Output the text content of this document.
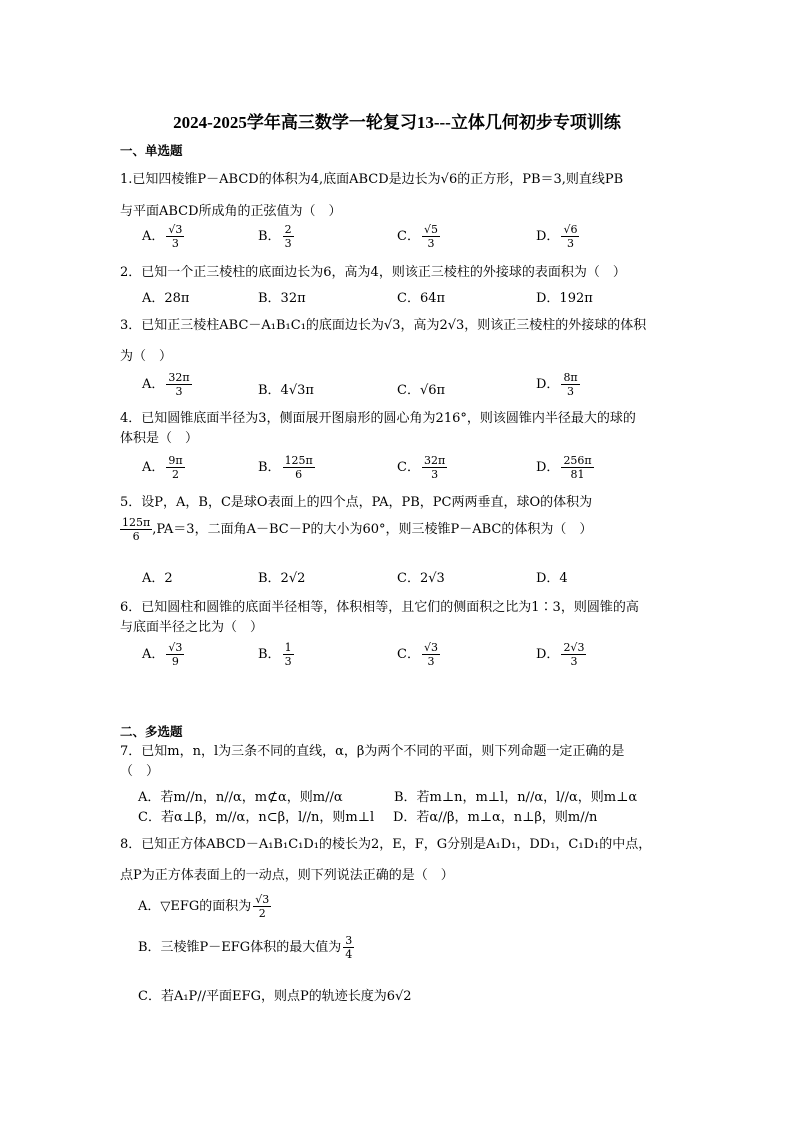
2024-2025学年高三数学一轮复习13---立体几何初步专项训练
一、单选题
1.已知四棱锥P－ABCD的体积为4,底面ABCD是边长为√6的正方形，PB＝3,则直线PB
与平面ABCD所成角的正弦值为（　）
A． $\frac{√3}{3}$	B． $\frac{2}{3}$	C． $\frac{√5}{3}$	D． $\frac{√6}{3}$
2．已知一个正三棱柱的底面边长为6，高为4，则该正三棱柱的外接球的表面积为（　）
A．28π	B．32π	C．64π	D．192π
3．已知正三棱柱ABC－A₁B₁C₁的底面边长为√3，高为2√3，则该正三棱柱的外接球的体积
为（　）
A． $\frac{32\pi}{3}$	B．4√3π	C．√6π	D． $\frac{8\pi}{3}$
4．已知圆锥底面半径为3，侧面展开图扇形的圆心角为216°，则该圆锥内半径最大的球的
体积是（　）
A． $\frac{9\pi}{2}$	B． $\frac{125\pi}{6}$	C． $\frac{32\pi}{3}$	D． $\frac{256\pi}{81}$
5．设P，A，B，C是球O表面上的四个点，PA，PB，PC两两垂直，球O的体积为
$\frac{125\pi}{6} ,PA=3$，二面角A－BC－P的大小为60°，则三棱锥P－ABC的体积为（　）
A．2	B．2√2	C．2√3	D．4
6．已知圆柱和圆锥的底面半径相等，体积相等，且它们的侧面积之比为1∶3，则圆锥的高
与底面半径之比为（　）
A． $\frac{√3}{9}$	B． $\frac{1}{3}$	C． $\frac{√3}{3}$	D． $\frac{2√3}{3}$
二、多选题
7．已知m，n，l为三条不同的直线，α，β为两个不同的平面，则下列命题一定正确的是
（　）
A．若m//n，n//α，m⊄α，则m//α	B．若m⊥n，m⊥l，n//α，l//α，则m⊥α
C．若α⊥β，m//α，n⊂β，l//n，则m⊥l D．若α//β，m⊥α，n⊥β，则m//n
8．已知正方体ABCD－A₁B₁C₁D₁的棱长为2，E，F，G分别是A₁D₁，DD₁，C₁D₁的中点，
点P为正方体表面上的一动点，则下列说法正确的是（　）
A．▽EFG的面积为 $\frac{√3}{2}$
B．三棱锥P－EFG体积的最大值为 $\frac{3}{4}$
C．若A₁P//平面EFG，则点P的轨迹长度为6√2
